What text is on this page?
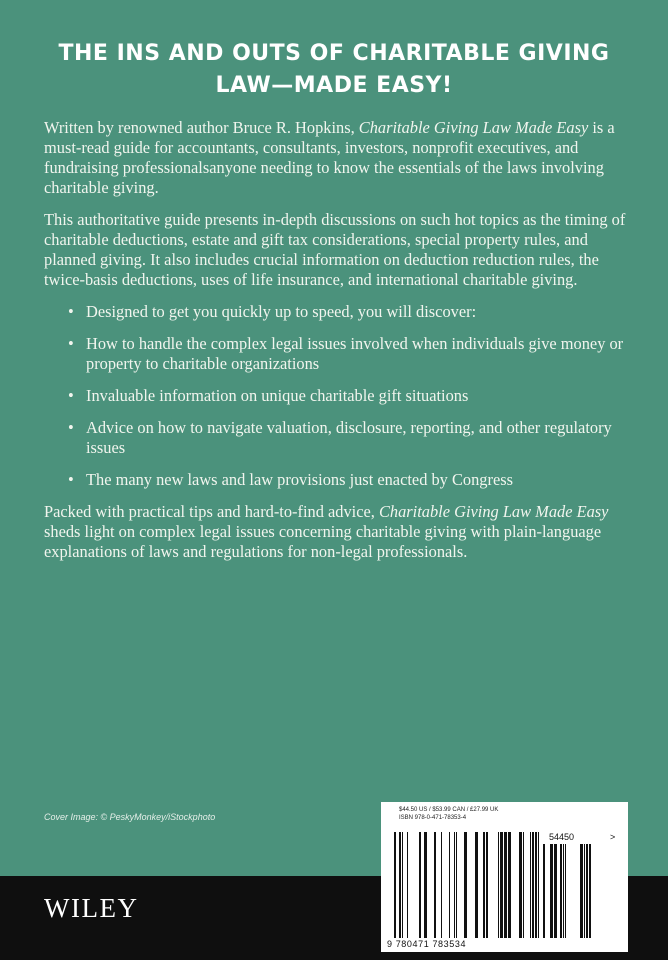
THE INS AND OUTS OF CHARITABLE GIVING
LAW—MADE EASY!

Written by renowned author Bruce R. Hopkins, Charitable Giving Law Made Easy is a must-read guide for accountants, consultants, investors, nonprofit executives, and fundraising professionalsanyone needing to know the essentials of the laws involving charitable giving.

This authoritative guide presents in-depth discussions on such hot topics as the timing of charitable deductions, estate and gift tax considerations, special property rules, and planned giving. It also includes crucial information on deduction reduction rules, the twice-basis deductions, uses of life insurance, and international charitable giving.

• Designed to get you quickly up to speed, you will discover:
• How to handle the complex legal issues involved when individuals give money or property to charitable organizations
• Invaluable information on unique charitable gift situations
• Advice on how to navigate valuation, disclosure, reporting, and other regulatory issues
• The many new laws and law provisions just enacted by Congress

Packed with practical tips and hard-to-find advice, Charitable Giving Law Made Easy sheds light on complex legal issues concerning charitable giving with plain-language explanations of laws and regulations for non-legal professionals.

Cover Image: © PeskyMonkey/iStockphoto
WILEY
$44.50 US / $53.99 CAN / £27.99 UK
ISBN 978-0-471-78353-4
54450	>
9 780471 783534
